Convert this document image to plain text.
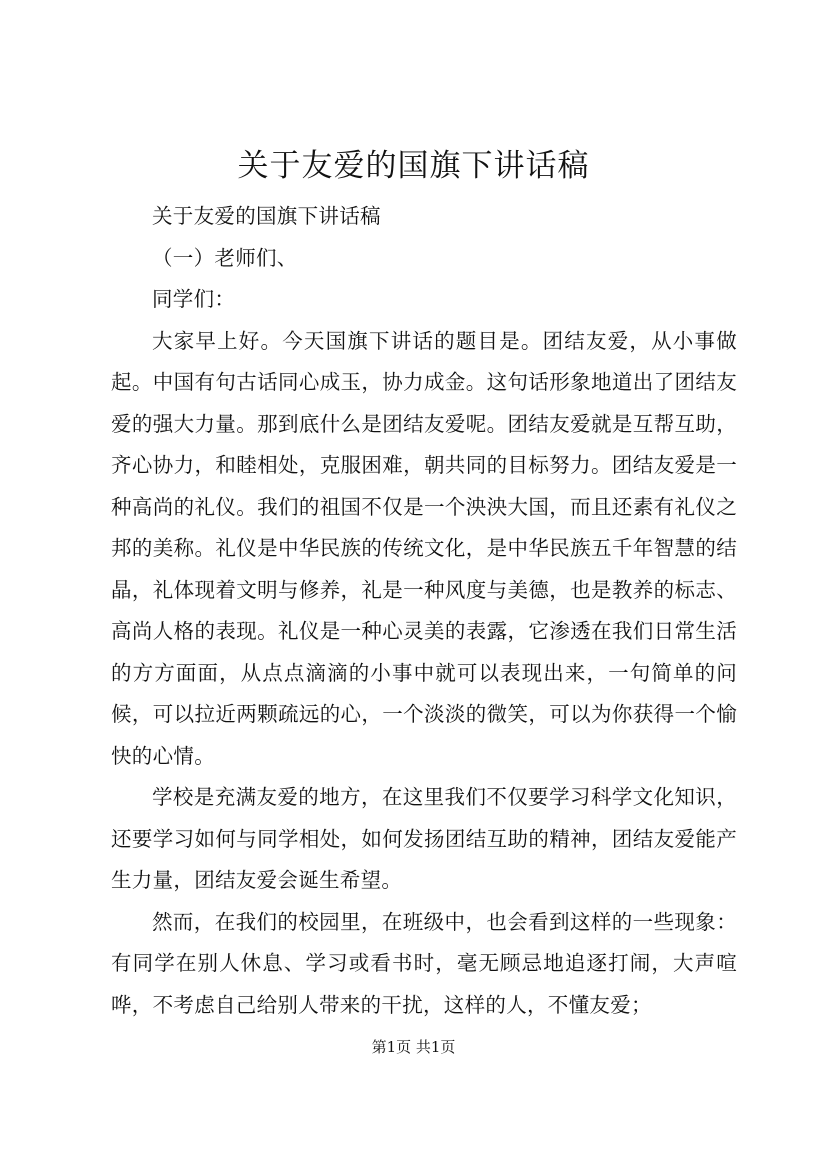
关于友爱的国旗下讲话稿

关于友爱的国旗下讲话稿

（一）老师们、

同学们：

大家早上好。今天国旗下讲话的题目是。团结友爱，从小事做起。中国有句古话同心成玉，协力成金。这句话形象地道出了团结友爱的强大力量。那到底什么是团结友爱呢。团结友爱就是互帮互助，齐心协力，和睦相处，克服困难，朝共同的目标努力。团结友爱是一种高尚的礼仪。我们的祖国不仅是一个泱泱大国，而且还素有礼仪之邦的美称。礼仪是中华民族的传统文化，是中华民族五千年智慧的结晶，礼体现着文明与修养，礼是一种风度与美德，也是教养的标志、高尚人格的表现。礼仪是一种心灵美的表露，它渗透在我们日常生活的方方面面，从点点滴滴的小事中就可以表现出来，一句简单的问候，可以拉近两颗疏远的心，一个淡淡的微笑，可以为你获得一个愉快的心情。

学校是充满友爱的地方，在这里我们不仅要学习科学文化知识，还要学习如何与同学相处，如何发扬团结互助的精神，团结友爱能产生力量，团结友爱会诞生希望。

然而，在我们的校园里，在班级中，也会看到这样的一些现象：有同学在别人休息、学习或看书时，毫无顾忌地追逐打闹，大声喧哗，不考虑自己给别人带来的干扰，这样的人，不懂友爱；

第1页 共1页
